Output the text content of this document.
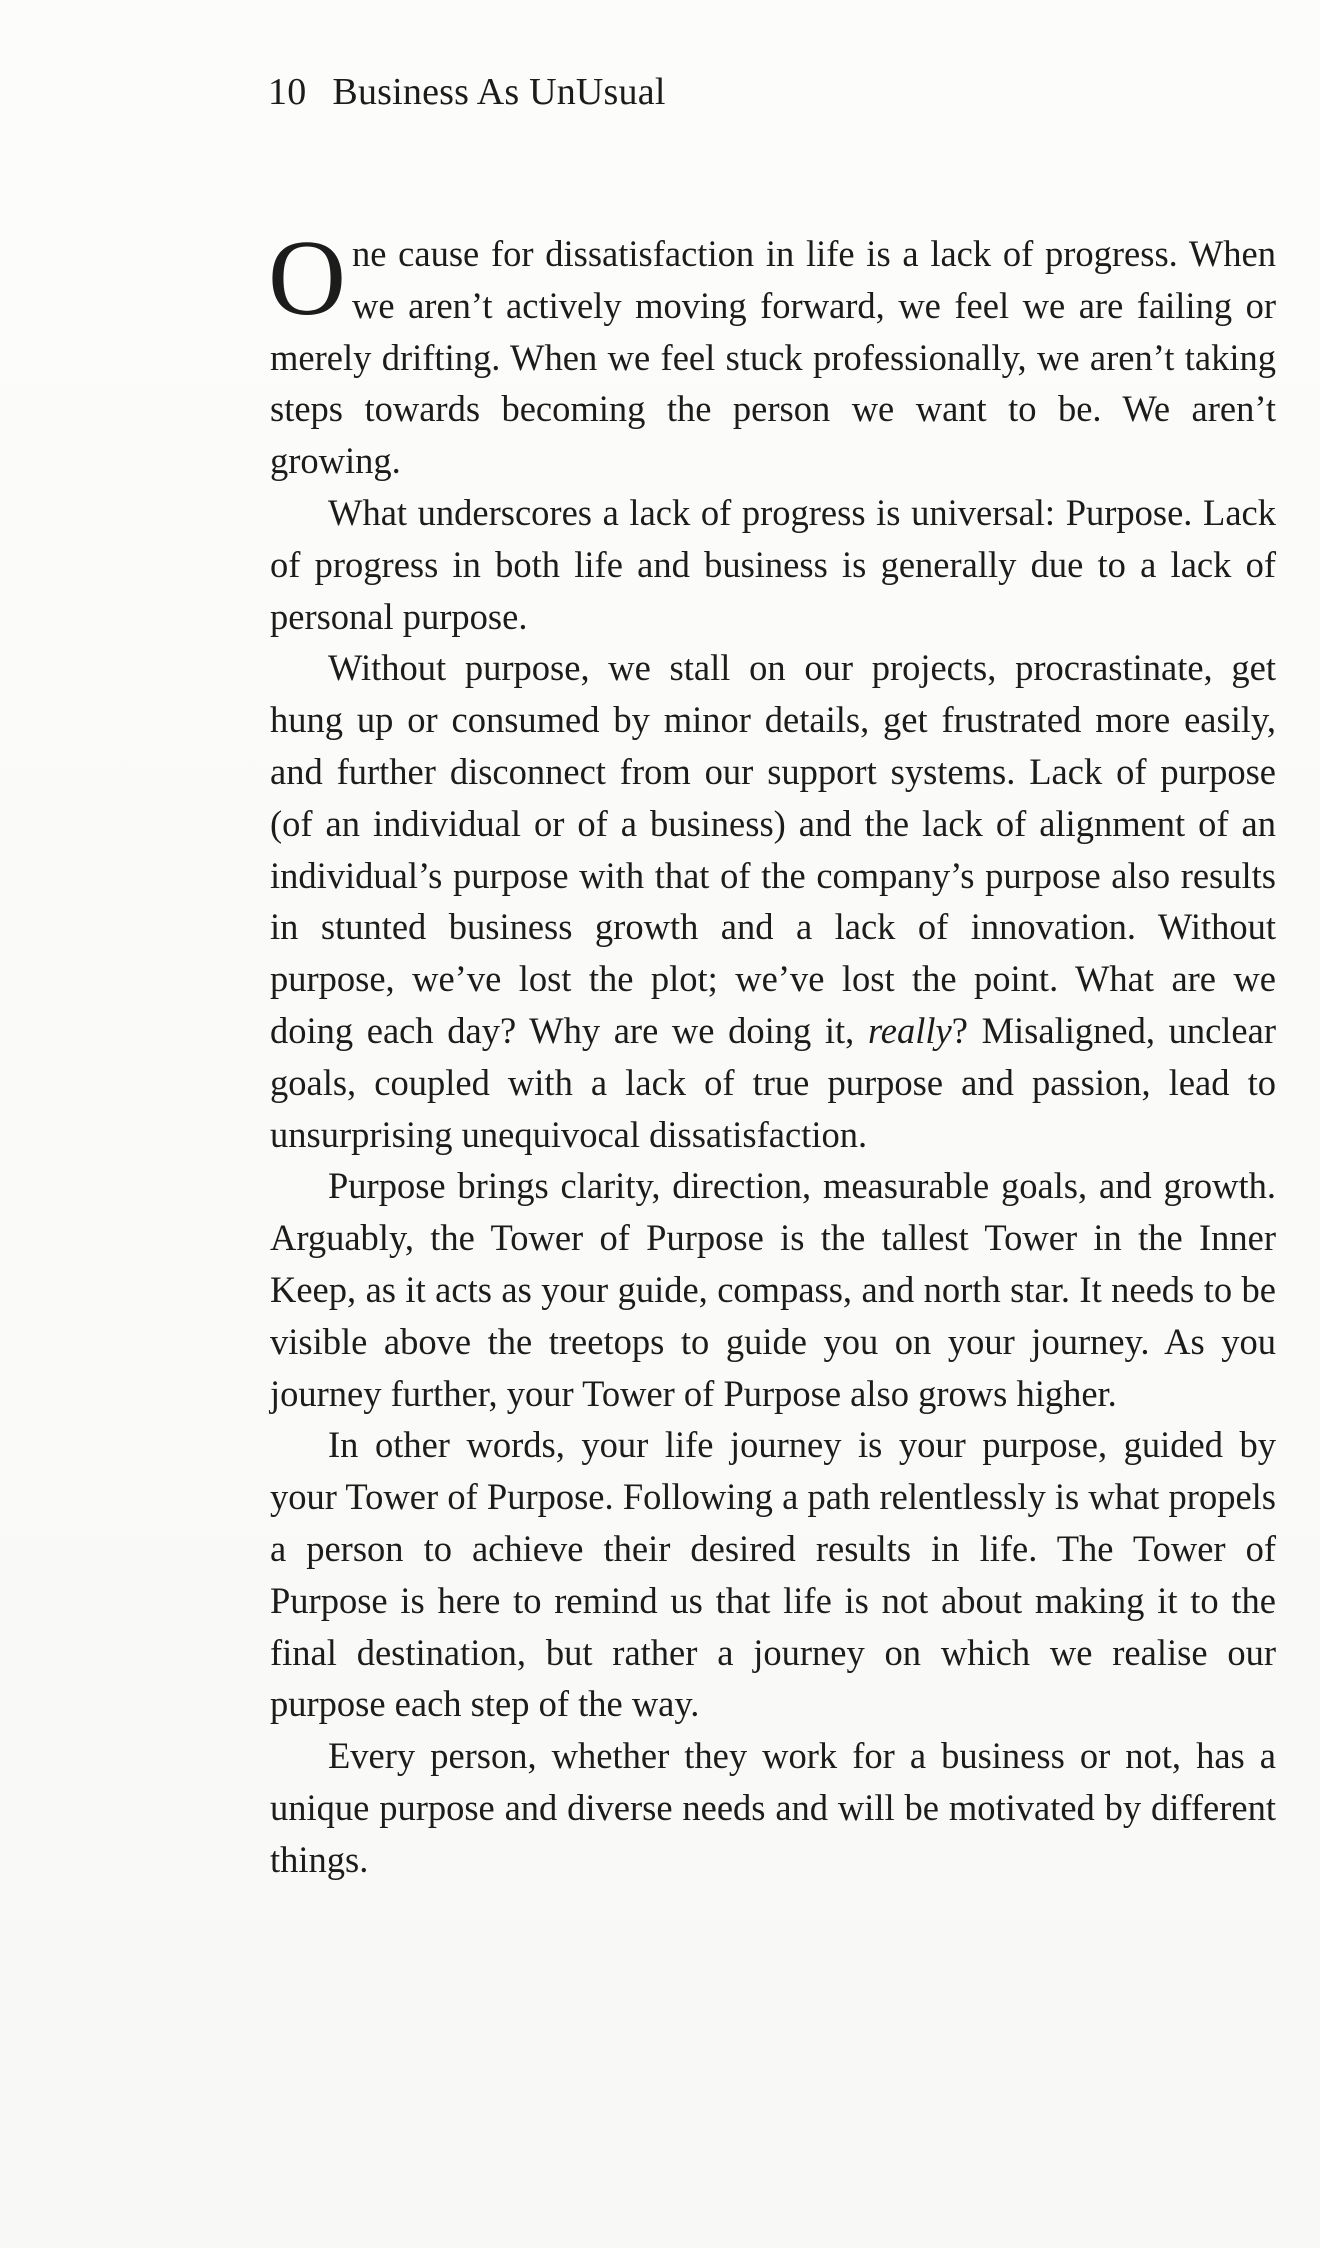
10 Business As UnUsual

One cause for dissatisfaction in life is a lack of progress. When we aren’t actively moving forward, we feel we are failing or merely drifting. When we feel stuck professionally, we aren’t taking steps towards becoming the person we want to be. We aren’t growing.

What underscores a lack of progress is universal: Purpose. Lack of progress in both life and business is generally due to a lack of personal purpose.

Without purpose, we stall on our projects, procrastinate, get hung up or consumed by minor details, get frustrated more easily, and further disconnect from our support systems. Lack of purpose (of an individual or of a business) and the lack of alignment of an individual’s purpose with that of the company’s purpose also results in stunted business growth and a lack of innovation. Without purpose, we’ve lost the plot; we’ve lost the point. What are we doing each day? Why are we doing it, really? Misaligned, unclear goals, coupled with a lack of true purpose and passion, lead to unsurprising unequivocal dissatisfaction.

Purpose brings clarity, direction, measurable goals, and growth. Arguably, the Tower of Purpose is the tallest Tower in the Inner Keep, as it acts as your guide, compass, and north star. It needs to be visible above the treetops to guide you on your journey. As you journey further, your Tower of Purpose also grows higher.

In other words, your life journey is your purpose, guided by your Tower of Purpose. Following a path relentlessly is what propels a person to achieve their desired results in life. The Tower of Purpose is here to remind us that life is not about making it to the final destination, but rather a journey on which we realise our purpose each step of the way.

Every person, whether they work for a business or not, has a unique purpose and diverse needs and will be motivated by different things.
